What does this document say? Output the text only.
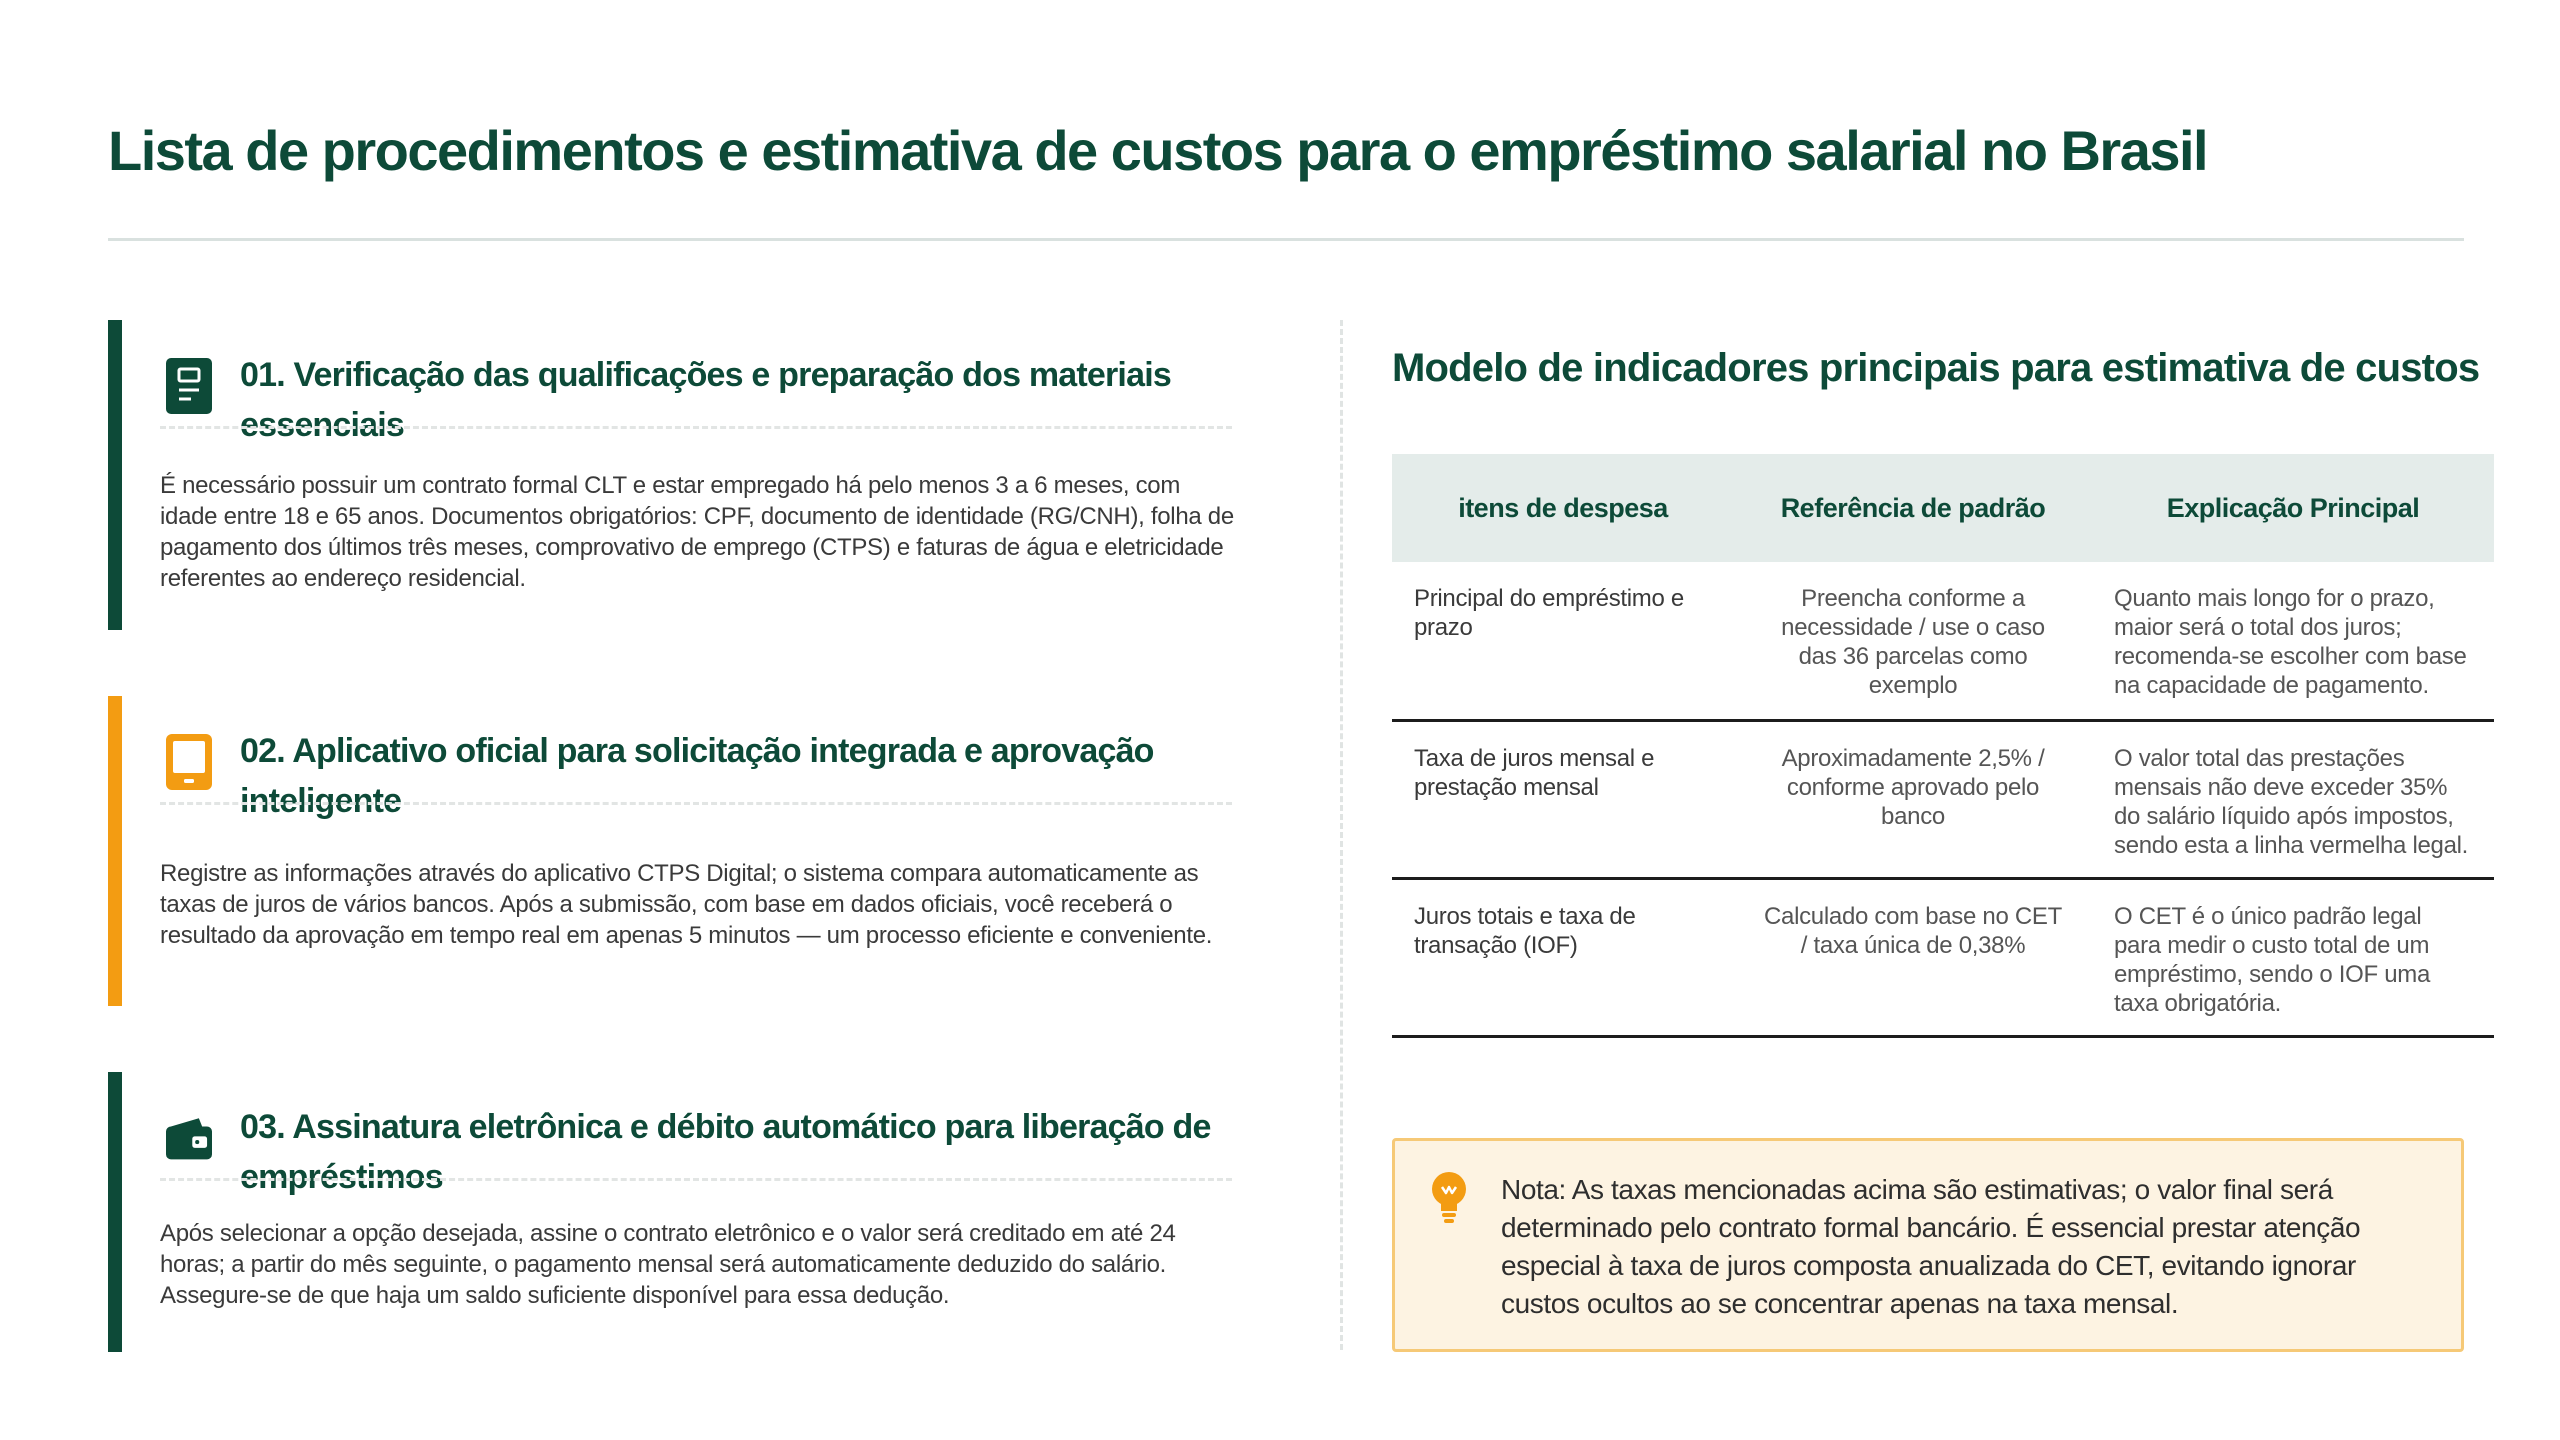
Lista de procedimentos e estimativa de custos para o empréstimo salarial no Brasil
01. Verificação das qualificações e preparação dos materiais essenciais

É necessário possuir um contrato formal CLT e estar empregado há pelo menos 3 a 6 meses, com idade entre 18 e 65 anos. Documentos obrigatórios: CPF, documento de identidade (RG/CNH), folha de pagamento dos últimos três meses, comprovativo de emprego (CTPS) e faturas de água e eletricidade referentes ao endereço residencial.

02. Aplicativo oficial para solicitação integrada e aprovação inteligente

Registre as informações através do aplicativo CTPS Digital; o sistema compara automaticamente as taxas de juros de vários bancos. Após a submissão, com base em dados oficiais, você receberá o resultado da aprovação em tempo real em apenas 5 minutos — um processo eficiente e conveniente.

03. Assinatura eletrônica e débito automático para liberação de empréstimos

Após selecionar a opção desejada, assine o contrato eletrônico e o valor será creditado em até 24 horas; a partir do mês seguinte, o pagamento mensal será automaticamente deduzido do salário. Assegure-se de que haja um saldo suficiente disponível para essa dedução.

Modelo de indicadores principais para estimativa de custos
itens de despesa	Referência de padrão	Explicação Principal
Principal do empréstimo e prazo	Preencha conforme a necessidade / use o caso das 36 parcelas como exemplo	Quanto mais longo for o prazo, maior será o total dos juros; recomenda-se escolher com base na capacidade de pagamento.
Taxa de juros mensal e prestação mensal	Aproximadamente 2,5% / conforme aprovado pelo banco	O valor total das prestações mensais não deve exceder 35% do salário líquido após impostos, sendo esta a linha vermelha legal.
Juros totais e taxa de transação (IOF)	Calculado com base no CET / taxa única de 0,38%	O CET é o único padrão legal para medir o custo total de um empréstimo, sendo o IOF uma taxa obrigatória.

Nota: As taxas mencionadas acima são estimativas; o valor final será determinado pelo contrato formal bancário. É essencial prestar atenção especial à taxa de juros composta anualizada do CET, evitando ignorar custos ocultos ao se concentrar apenas na taxa mensal.
